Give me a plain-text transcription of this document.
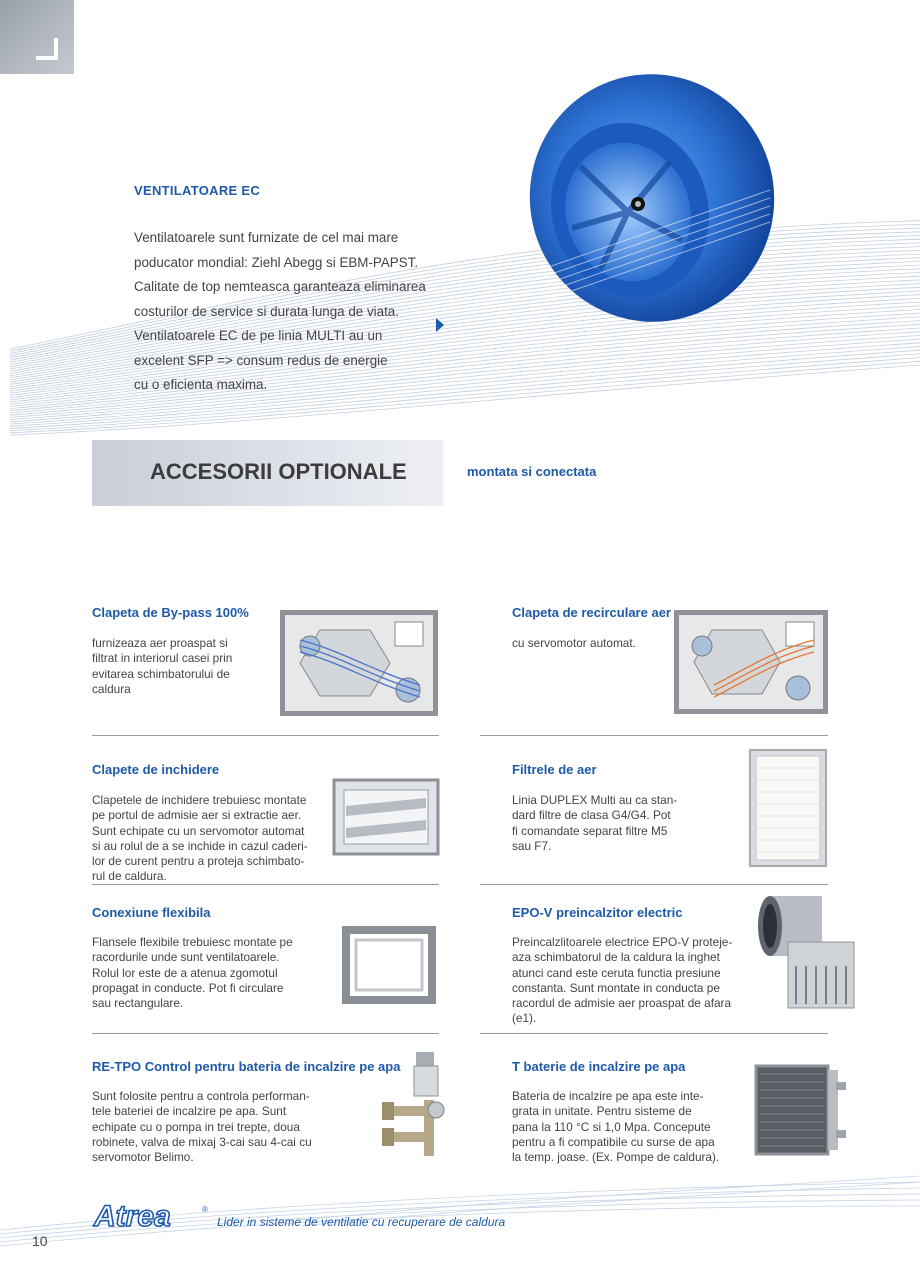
VENTILATOARE EC
Ventilatoarele sunt furnizate de cel mai mare
poducator mondial: Ziehl Abegg si EBM-PAPST.
Calitate de top nemteasca garanteaza eliminarea
costurilor de service si durata lunga de viata.
Ventilatoarele EC de pe linia MULTI au un
excelent SFP => consum redus de energie
cu o eficienta maxima.
ACCESORII OPTIONALE	montata si conectata
Clapeta de By-pass 100%
furnizeaza aer proaspat si
filtrat in interiorul casei prin
evitarea schimbatorului de
caldura
Clapeta de recirculare aer
cu servomotor automat.
Clapete de inchidere
Clapetele de inchidere trebuiesc montate
pe portul de admisie aer si extractie aer.
Sunt echipate cu un servomotor automat
si au rolul de a se inchide in cazul caderi-
lor de curent pentru a proteja schimbato-
rul de caldura.
Filtrele de aer
Linia DUPLEX Multi au ca stan-
dard filtre de clasa G4/G4. Pot
fi comandate separat filtre M5
sau F7.
Conexiune flexibila
Flansele flexibile trebuiesc montate pe
racordurile unde sunt ventilatoarele.
Rolul lor este de a atenua zgomotul
propagat in conducte. Pot fi circulare
sau rectangulare.
EPO-V preincalzitor electric
Preincalzlitoarele electrice EPO-V proteje-
aza schimbatorul de la caldura la inghet
atunci cand este ceruta functia presiune
constanta. Sunt montate in conducta pe
racordul de admisie aer proaspat de afara
(e1).
RE-TPO Control pentru bateria de incalzire pe apa
Sunt folosite pentru a controla performan-
tele bateriei de incalzire pe apa. Sunt
echipate cu o pompa in trei trepte, doua
robinete, valva de mixaj 3-cai sau 4-cai cu
servomotor Belimo.
T baterie de incalzire pe apa
Bateria de incalzire pe apa este inte-
grata in unitate. Pentru sisteme de
pana la 110 °C si 1,0 Mpa. Concepute
pentru a fi compatibile cu surse de apa
la temp. joase. (Ex. Pompe de caldura).
Atrea	®
Lider in sisteme de ventilatie cu recuperare de caldura
10
